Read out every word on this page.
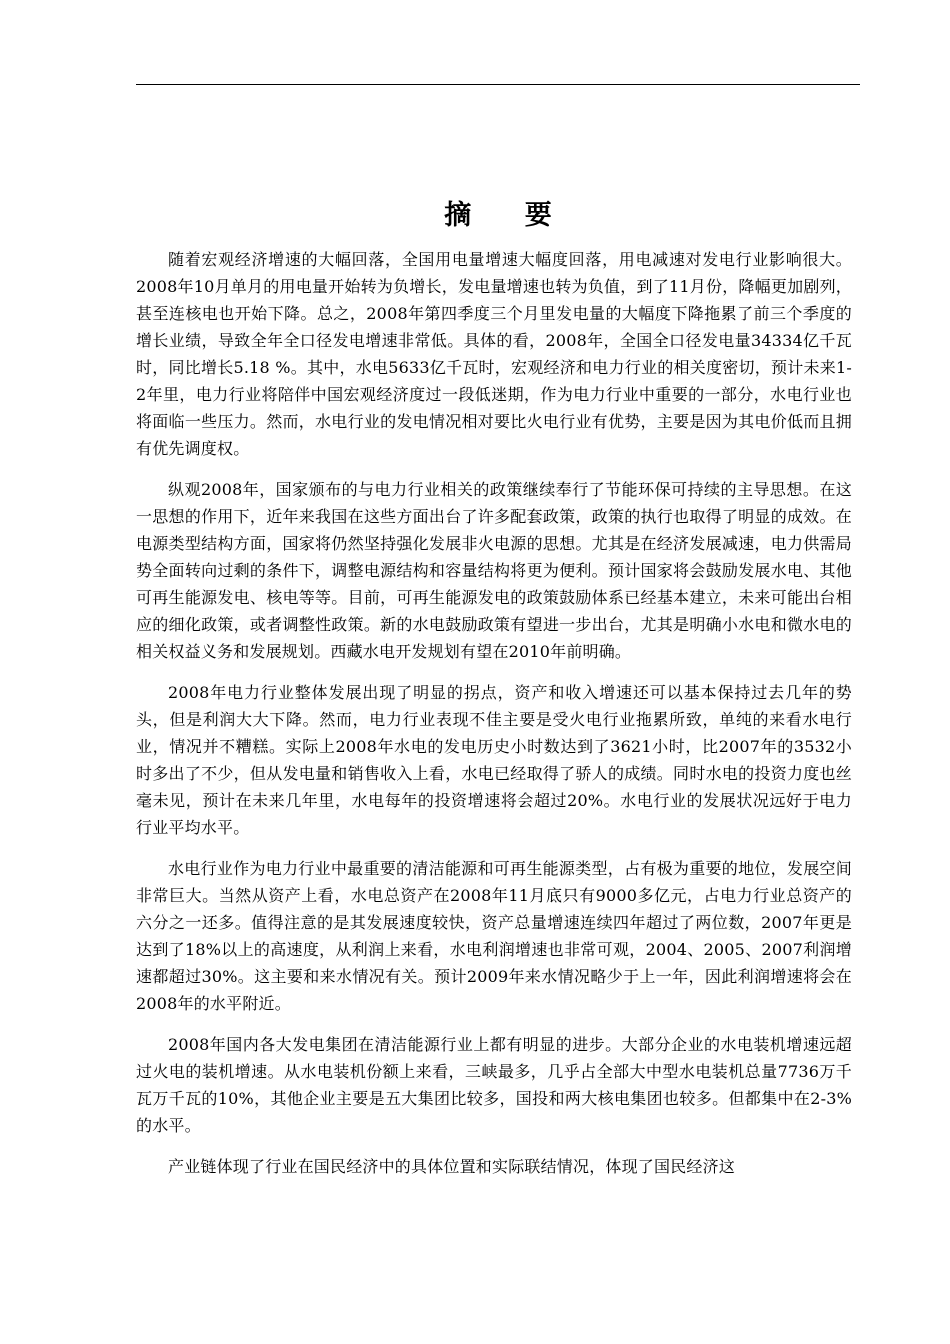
摘 要

随着宏观经济增速的大幅回落，全国用电量增速大幅度回落，用电减速对发电行业影响很大。2008年10月单月的用电量开始转为负增长，发电量增速也转为负值，到了11月份，降幅更加剧列，甚至连核电也开始下降。总之，2008年第四季度三个月里发电量的大幅度下降拖累了前三个季度的增长业绩，导致全年全口径发电增速非常低。具体的看，2008年，全国全口径发电量34334亿千瓦时，同比增长5.18 %。其中，水电5633亿千瓦时，宏观经济和电力行业的相关度密切，预计未来1-2年里，电力行业将陪伴中国宏观经济度过一段低迷期，作为电力行业中重要的一部分，水电行业也将面临一些压力。然而，水电行业的发电情况相对要比火电行业有优势，主要是因为其电价低而且拥有优先调度权。

纵观2008年，国家颁布的与电力行业相关的政策继续奉行了节能环保可持续的主导思想。在这一思想的作用下，近年来我国在这些方面出台了许多配套政策，政策的执行也取得了明显的成效。在电源类型结构方面，国家将仍然坚持强化发展非火电源的思想。尤其是在经济发展减速，电力供需局势全面转向过剩的条件下，调整电源结构和容量结构将更为便利。预计国家将会鼓励发展水电、其他可再生能源发电、核电等等。目前，可再生能源发电的政策鼓励体系已经基本建立，未来可能出台相应的细化政策，或者调整性政策。新的水电鼓励政策有望进一步出台，尤其是明确小水电和微水电的相关权益义务和发展规划。西藏水电开发规划有望在2010年前明确。

2008年电力行业整体发展出现了明显的拐点，资产和收入增速还可以基本保持过去几年的势头，但是利润大大下降。然而，电力行业表现不佳主要是受火电行业拖累所致，单纯的来看水电行业，情况并不糟糕。实际上2008年水电的发电历史小时数达到了3621小时，比2007年的3532小时多出了不少，但从发电量和销售收入上看，水电已经取得了骄人的成绩。同时水电的投资力度也丝毫未见，预计在未来几年里，水电每年的投资增速将会超过20%。水电行业的发展状况远好于电力行业平均水平。

水电行业作为电力行业中最重要的清洁能源和可再生能源类型，占有极为重要的地位，发展空间非常巨大。当然从资产上看，水电总资产在2008年11月底只有9000多亿元，占电力行业总资产的六分之一还多。值得注意的是其发展速度较快，资产总量增速连续四年超过了两位数，2007年更是达到了18%以上的高速度，从利润上来看，水电利润增速也非常可观，2004、2005、2007利润增速都超过30%。这主要和来水情况有关。预计2009年来水情况略少于上一年，因此利润增速将会在2008年的水平附近。

2008年国内各大发电集团在清洁能源行业上都有明显的进步。大部分企业的水电装机增速远超过火电的装机增速。从水电装机份额上来看，三峡最多，几乎占全部大中型水电装机总量7736万千瓦万千瓦的10%，其他企业主要是五大集团比较多，国投和两大核电集团也较多。但都集中在2-3%的水平。

产业链体现了行业在国民经济中的具体位置和实际联结情况，体现了国民经济这
